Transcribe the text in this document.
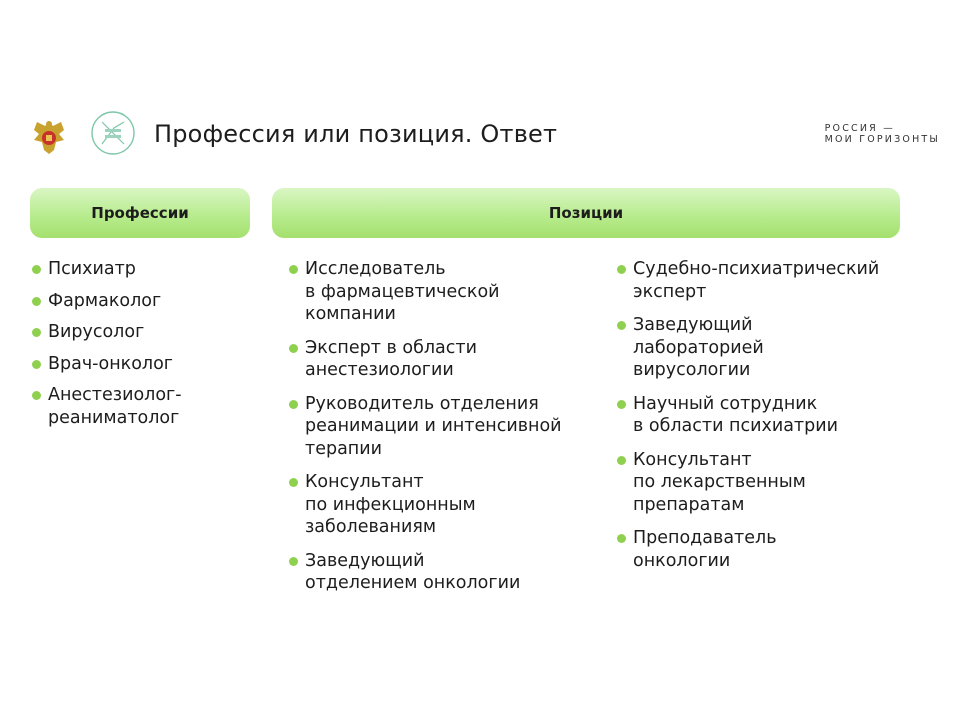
Профессия или позиция. Ответ	РОССИЯ —
МОИ ГОРИЗОНТЫ
Профессии	Позиции
Психиатр
Фармаколог
Вирусолог
Врач-онколог
Анестезиолог-
реаниматолог
Исследователь
в фармацевтической
компании
Эксперт в области
анестезиологии
Руководитель отделения
реанимации и интенсивной
терапии
Консультант
по инфекционным
заболеваниям
Заведующий
отделением онкологии
Судебно-психиатрический
эксперт
Заведующий
лабораторией
вирусологии
Научный сотрудник
в области психиатрии
Консультант
по лекарственным
препаратам
Преподаватель
онкологии
